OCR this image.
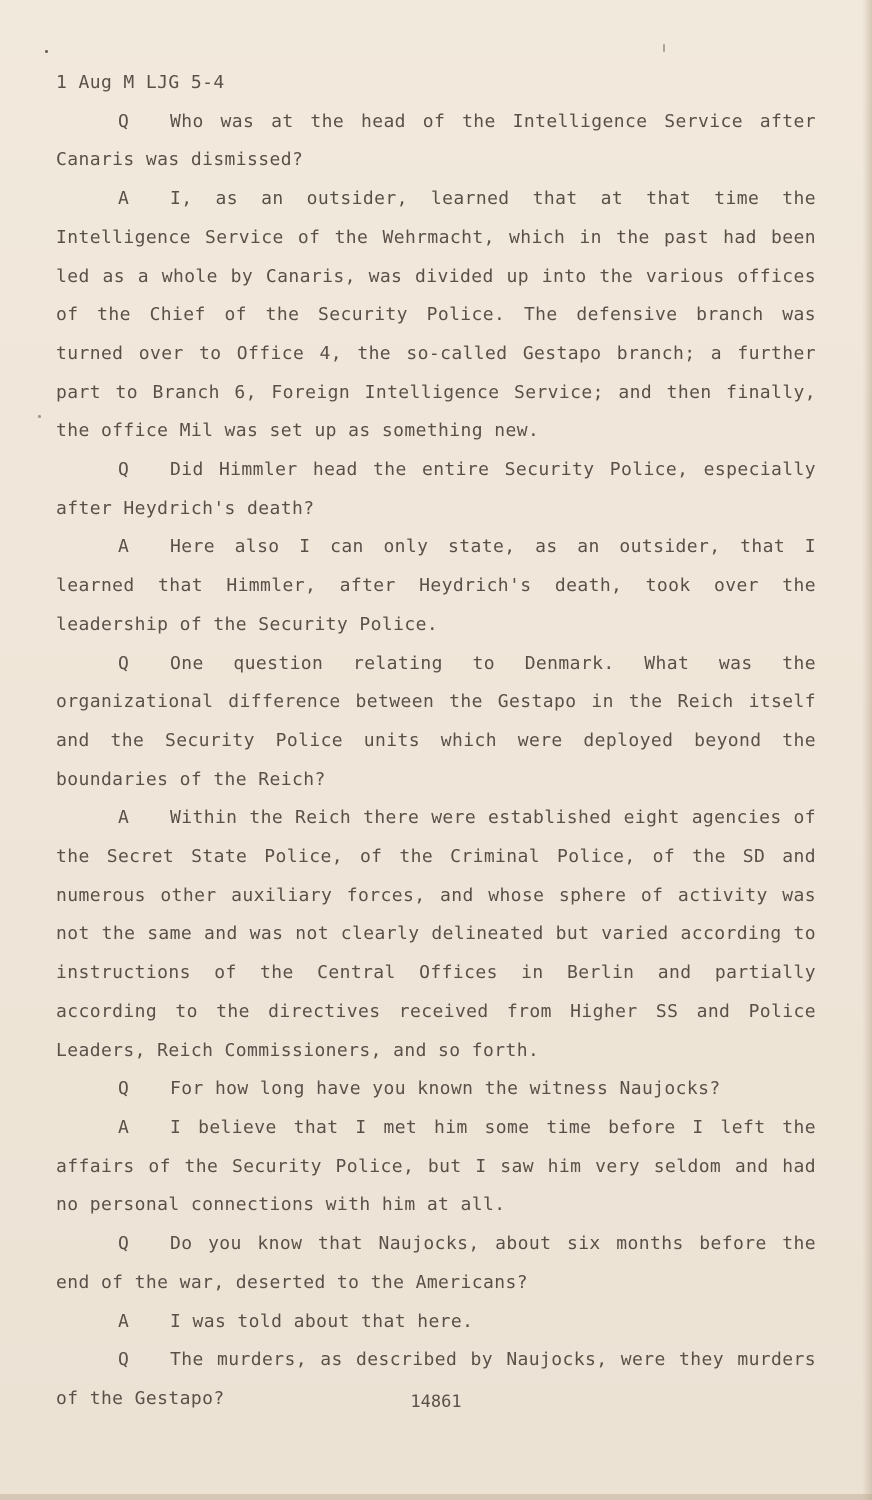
1 Aug M LJG 5-4

Q Who was at the head of the Intelligence Service after Canaris was dismissed?

A I, as an outsider, learned that at that time the Intelligence Service of the Wehrmacht, which in the past had been led as a whole by Canaris, was divided up into the various offices of the Chief of the Security Police. The defensive branch was turned over to Office 4, the so-called Gestapo branch; a further part to Branch 6, Foreign Intelligence Service; and then finally, the office Mil was set up as something new.

Q Did Himmler head the entire Security Police, especially after Heydrich's death?

A Here also I can only state, as an outsider, that I learned that Himmler, after Heydrich's death, took over the leadership of the Security Police.

Q One question relating to Denmark. What was the organizational difference between the Gestapo in the Reich itself and the Security Police units which were deployed beyond the boundaries of the Reich?

A Within the Reich there were established eight agencies of the Secret State Police, of the Criminal Police, of the SD and numerous other auxiliary forces, and whose sphere of activity was not the same and was not clearly delineated but varied according to instructions of the Central Offices in Berlin and partially according to the directives received from Higher SS and Police Leaders, Reich Commissioners, and so forth.

Q For how long have you known the witness Naujocks?

A I believe that I met him some time before I left the affairs of the Security Police, but I saw him very seldom and had no personal connections with him at all.

Q Do you know that Naujocks, about six months before the end of the war, deserted to the Americans?

A I was told about that here.

Q The murders, as described by Naujocks, were they murders of the Gestapo?	14861
